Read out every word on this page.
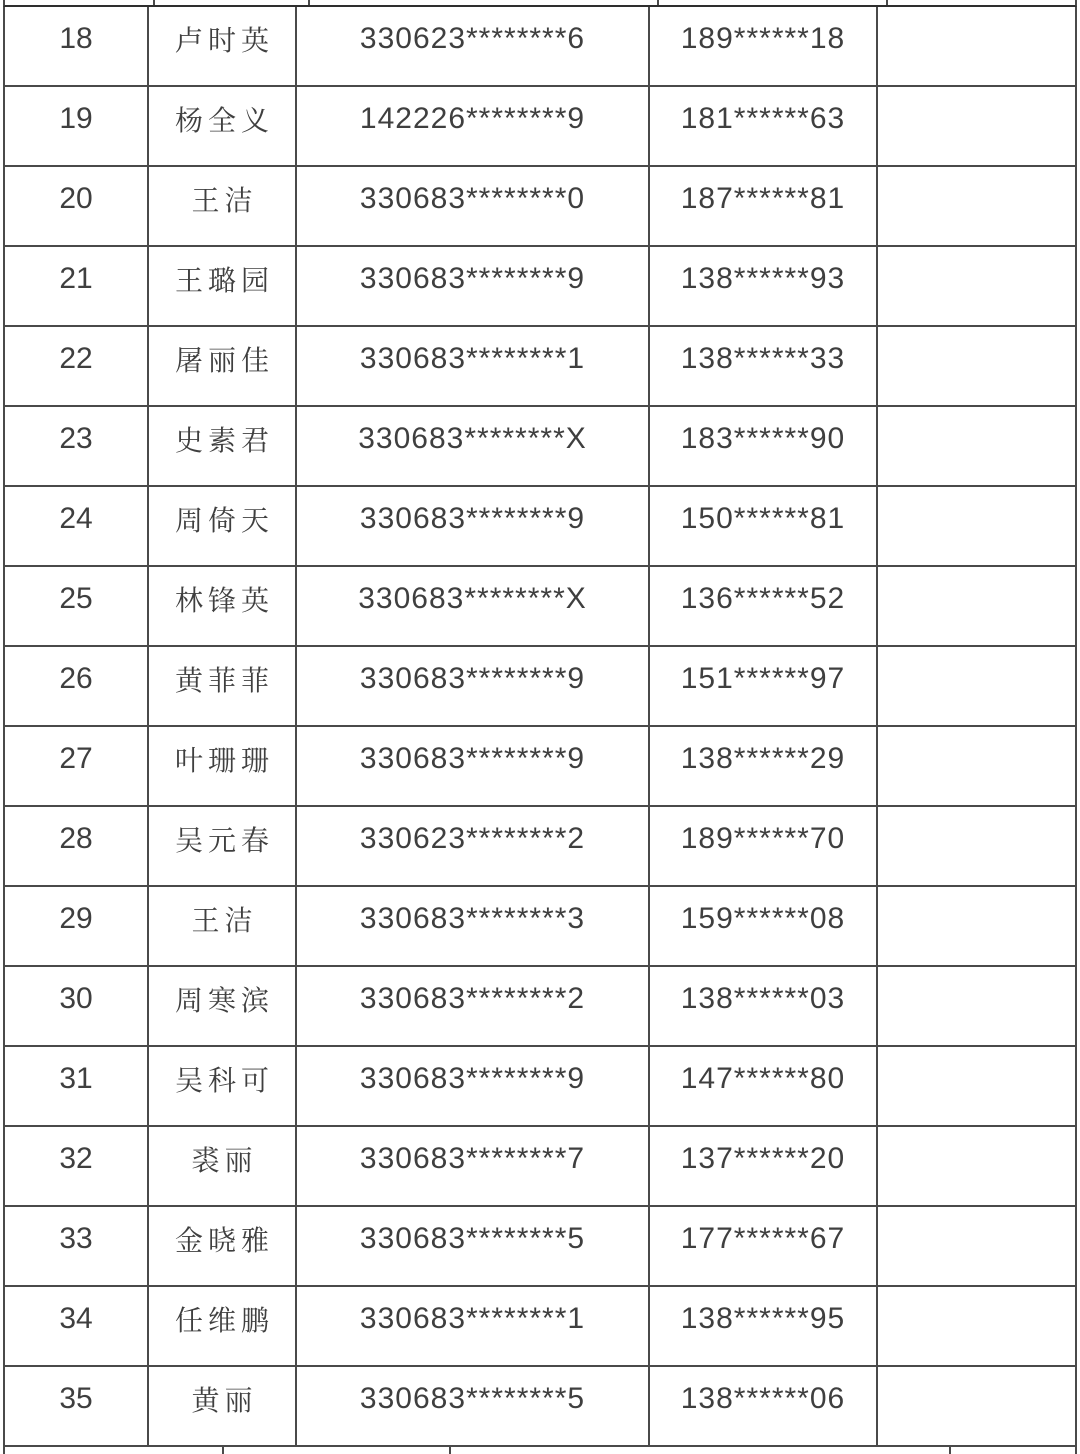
18	卢时英	330623********6	189******18
19	杨全义	142226********9	181******63
20	王洁	330683********0	187******81
21	王璐园	330683********9	138******93
22	屠丽佳	330683********1	138******33
23	史素君	330683********X	183******90
24	周倚天	330683********9	150******81
25	林锋英	330683********X	136******52
26	黄菲菲	330683********9	151******97
27	叶珊珊	330683********9	138******29
28	吴元春	330623********2	189******70
29	王洁	330683********3	159******08
30	周寒滨	330683********2	138******03
31	吴科可	330683********9	147******80
32	裘丽	330683********7	137******20
33	金晓雅	330683********5	177******67
34	任维鹏	330683********1	138******95
35	黄丽	330683********5	138******06
